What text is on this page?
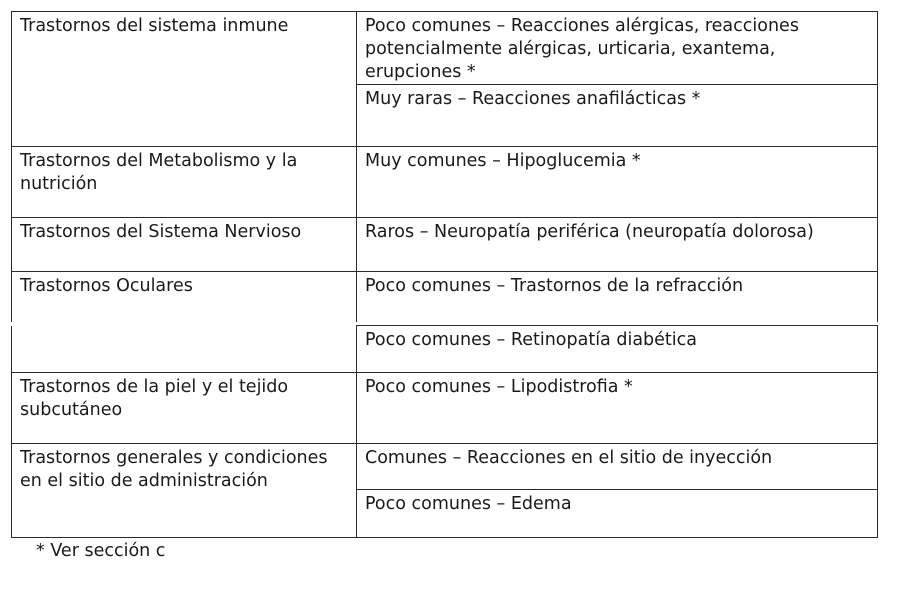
Trastornos del sistema inmune	Poco comunes – Reacciones alérgicas, reacciones potencialmente alérgicas, urticaria, exantema, erupciones *
	Muy raras – Reacciones anafilácticas *
Trastornos del Metabolismo y la nutrición	Muy comunes – Hipoglucemia *
Trastornos del Sistema Nervioso	Raros – Neuropatía periférica (neuropatía dolorosa)
Trastornos Oculares	Poco comunes – Trastornos de la refracción
	Poco comunes – Retinopatía diabética
Trastornos de la piel y el tejido subcutáneo	Poco comunes – Lipodistrofia *
Trastornos generales y condiciones en el sitio de administración	Comunes – Reacciones en el sitio de inyección
	Poco comunes – Edema
* Ver sección c
